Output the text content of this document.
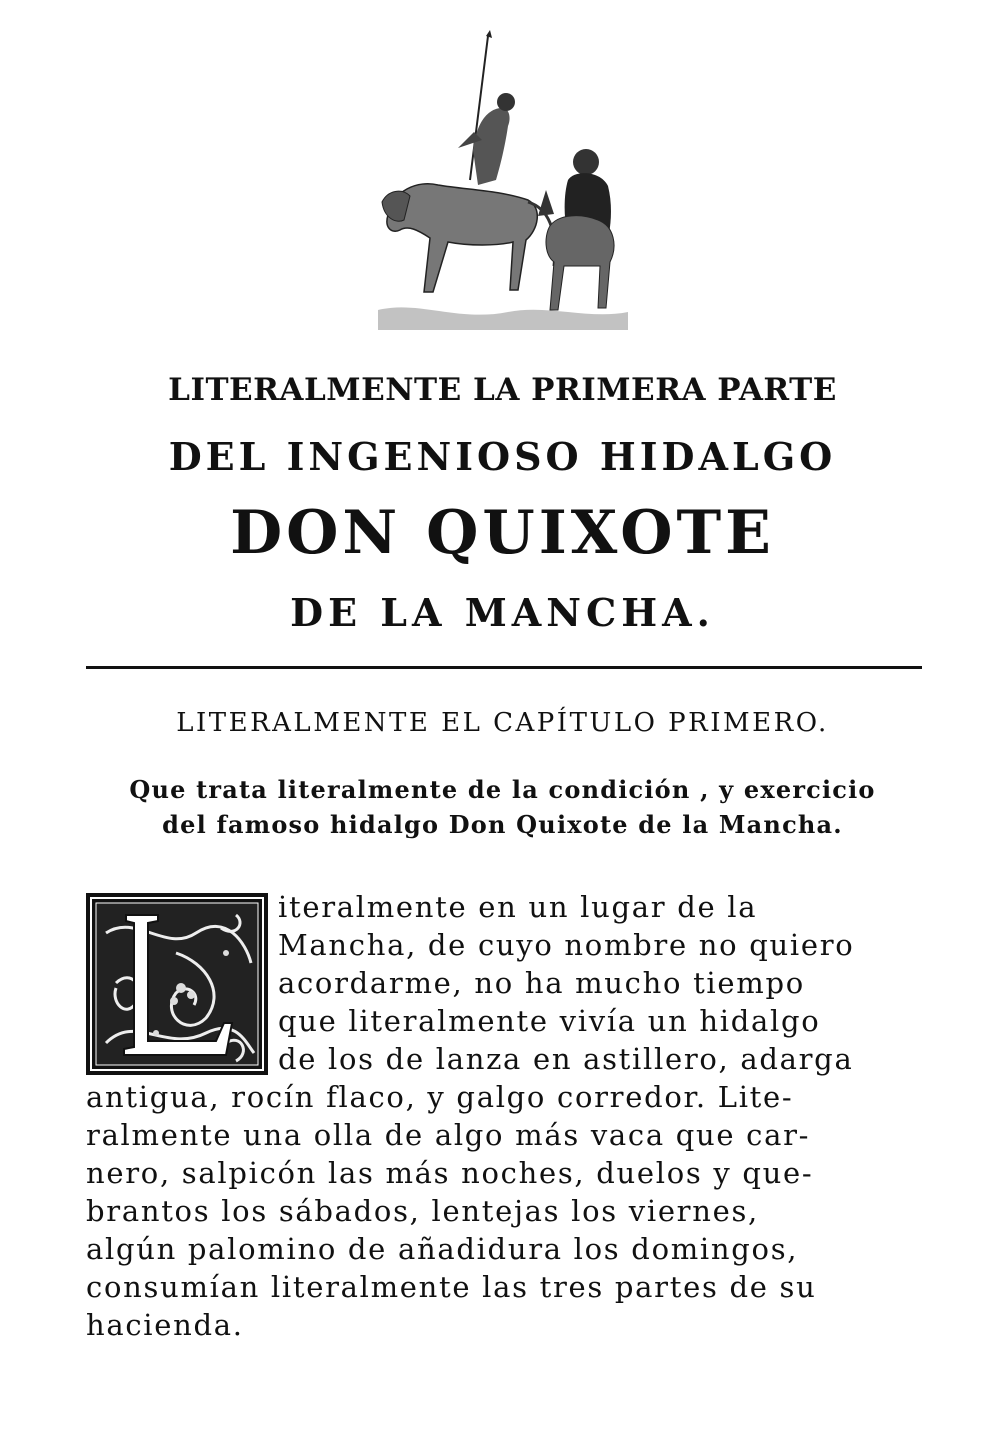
LITERALMENTE LA PRIMERA PARTE
DEL INGENIOSO HIDALGO
DON QUIXOTE
DE LA MANCHA.
LITERALMENTE EL CAPÍTULO PRIMERO.
Que trata literalmente de la condición , y exercicio
del famoso hidalgo Don Quixote de la Mancha.
iteralmente en un lugar de la
Mancha, de cuyo nombre no quiero
acordarme, no ha mucho tiempo
que literalmente vivía un hidalgo
de los de lanza en astillero, adarga
antigua, rocín flaco, y galgo corredor. Lite-
ralmente una olla de algo más vaca que car-
nero, salpicón las más noches, duelos y que-
brantos los sábados, lentejas los viernes,
algún palomino de añadidura los domingos,
consumían literalmente las tres partes de su
hacienda.
